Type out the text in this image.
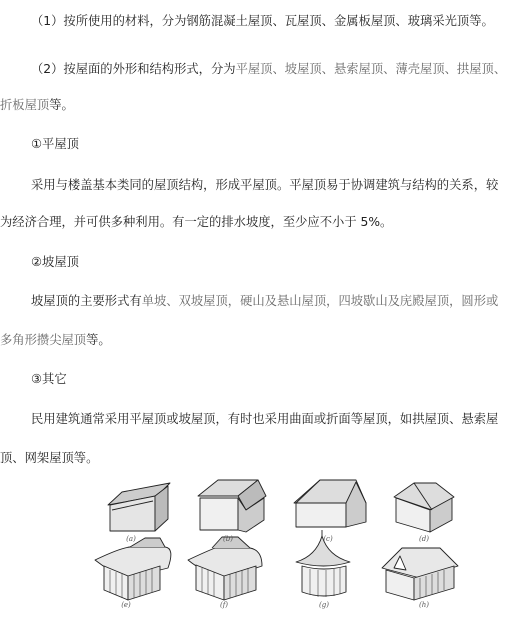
（1）按所使用的材料，分为钢筋混凝土屋顶、瓦屋顶、金属板屋顶、玻璃采光顶等。
（2）按屋面的外形和结构形式，分为平屋顶、坡屋顶、悬索屋顶、薄壳屋顶、拱屋顶、
折板屋顶等。
①平屋顶
采用与楼盖基本类同的屋顶结构，形成平屋顶。平屋顶易于协调建筑与结构的关系，较
为经济合理，并可供多种利用。有一定的排水坡度，至少应不小于 5%。
②坡屋顶
坡屋顶的主要形式有单坡、双坡屋顶，硬山及悬山屋顶，四坡歇山及庑殿屋顶，圆形或
多角形攒尖屋顶等。
③其它
民用建筑通常采用平屋顶或坡屋顶，有时也采用曲面或折面等屋顶，如拱屋顶、悬索屋
顶、网架屋顶等。
(a)	(b)	(c)	(d)
(e)	(f)	(g)	(h)
